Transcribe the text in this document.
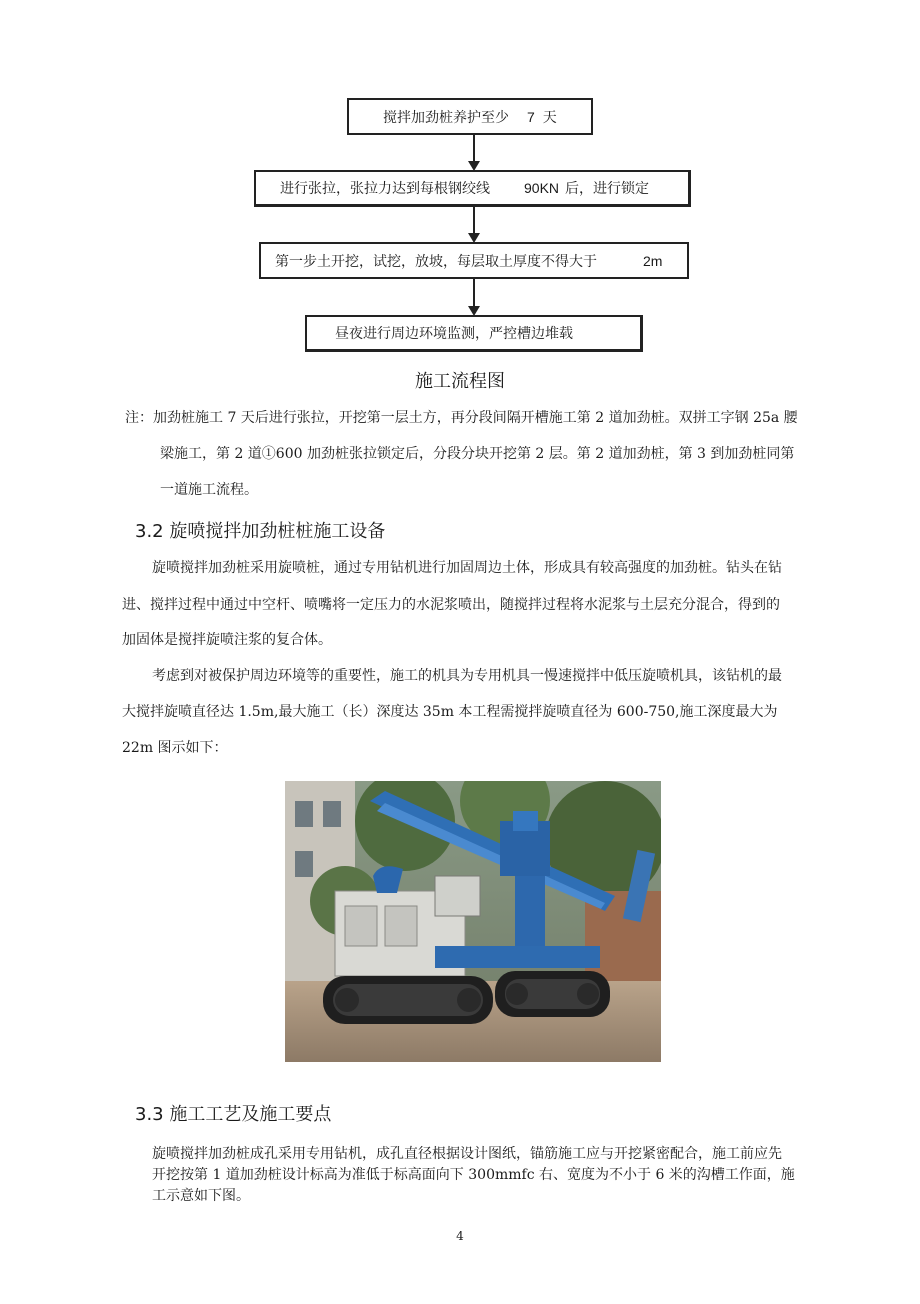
搅拌加劲桩养护至少 7 天
进行张拉，张拉力达到每根钢绞线 90KN 后，进行锁定
第一步土开挖，试挖，放坡，每层取土厚度不得大于	2m
昼夜进行周边环境监测，严控槽边堆载
施工流程图
注：加劲桩施工 7 天后进行张拉，开挖第一层土方，再分段间隔开槽施工第 2 道加劲桩。双拼工字钢 25a 腰
梁施工，第 2 道①600 加劲桩张拉锁定后，分段分块开挖第 2 层。第 2 道加劲桩，第 3 到加劲桩同第
一道施工流程。
3.2 旋喷搅拌加劲桩桩施工设备
旋喷搅拌加劲桩采用旋喷桩，通过专用钻机进行加固周边土体，形成具有较高强度的加劲桩。钻头在钻
进、搅拌过程中通过中空杆、喷嘴将一定压力的水泥浆喷出，随搅拌过程将水泥浆与土层充分混合，得到的
加固体是搅拌旋喷注浆的复合体。
考虑到对被保护周边环境等的重要性，施工的机具为专用机具一慢速搅拌中低压旋喷机具，该钻机的最
大搅拌旋喷直径达 1.5m,最大施工（长）深度达 35m 本工程需搅拌旋喷直径为 600-750,施工深度最大为
22m 图示如下：
3.3 施工工艺及施工要点
旋喷搅拌加劲桩成孔采用专用钻机，成孔直径根据设计图纸，锚筋施工应与开挖紧密配合，施工前应先
开挖按第 1 道加劲桩设计标高为准低于标高面向下 300mmfc 右、宽度为不小于 6 米的沟槽工作面，施
工示意如下图。
4
